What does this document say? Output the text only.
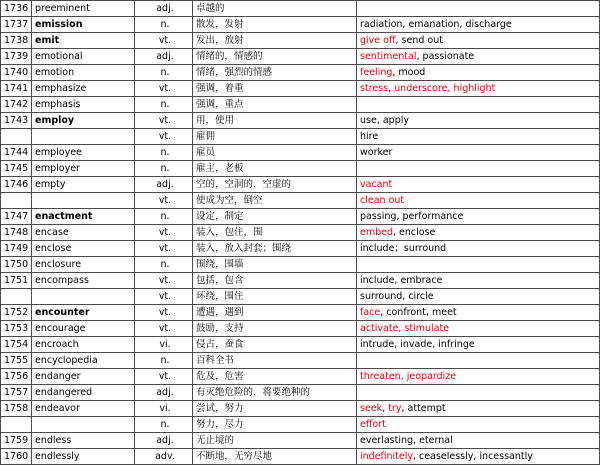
1736	preeminent	adj.	卓越的	
1737	emission	n.	散发，发射	radiation, emanation, discharge
1738	emit	vt.	发出，放射	give off, send out
1739	emotional	adj.	情绪的，情感的	sentimental, passionate
1740	emotion	n.	情绪，强烈的情感	feeling, mood
1741	emphasize	vt.	强调，着重	stress, underscore, highlight
1742	emphasis	n.	强调，重点	
1743	employ	vt.	用，使用	use, apply
		vt.	雇佣	hire
1744	employee	n.	雇员	worker
1745	employer	n.	雇主，老板	
1746	empty	adj.	空的，空洞的，空虚的	vacant
		vt.	使成为空，倒空	clean out
1747	enactment	n.	设定，制定	passing, performance
1748	encase	vt.	装入，包住，围	embed, enclose
1749	enclose	vt.	装入，放入封套；围绕	include；surround
1750	enclosure	n.	围绕，围墙	
1751	encompass	vt.	包括，包含	include, embrace
		vt.	环绕，围住	surround, circle
1752	encounter	vt.	遭遇，遇到	face, confront, meet
1753	encourage	vt.	鼓励，支持	activate, stimulate
1754	encroach	vi.	侵占，蚕食	intrude, invade, infringe
1755	encyclopedia	n.	百科全书	
1756	endanger	vt.	危及，危害	threaten, jeopardize
1757	endangered	adj.	有灭绝危险的，将要绝种的	
1758	endeavor	vi.	尝试，努力	seek, try, attempt
		n.	努力，尽力	effort
1759	endless	adj.	无止境的	everlasting, eternal
1760	endlessly	adv.	不断地，无穷尽地	indefinitely, ceaselessly, incessantly
